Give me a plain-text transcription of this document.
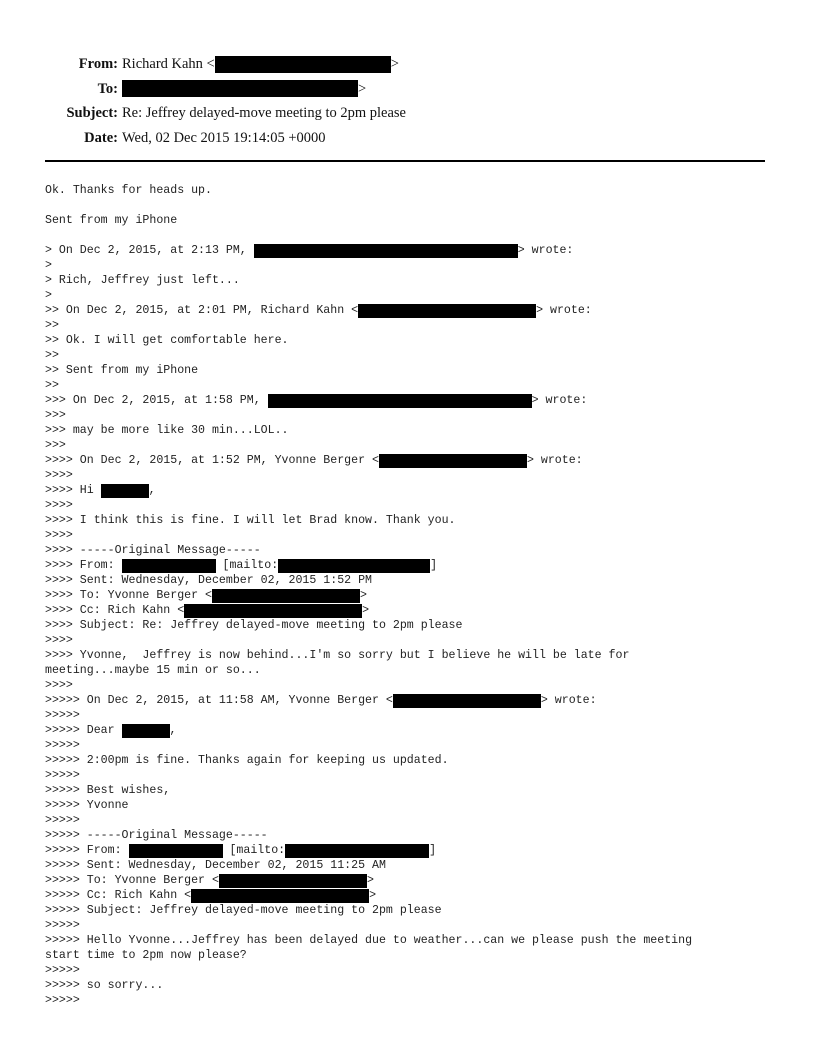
From: Richard Kahn <	>
To:	>
Subject: Re: Jeffrey delayed-move meeting to 2pm please
Date: Wed, 02 Dec 2015 19:14:05 +0000
Ok. Thanks for heads up.
Sent from my iPhone
> On Dec 2, 2015, at 2:13 PM,	> wrote:
>
> Rich, Jeffrey just left...
>
>> On Dec 2, 2015, at 2:01 PM, Richard Kahn <	> wrote:
>>
>> Ok. I will get comfortable here.
>>
>> Sent from my iPhone
>>
>>> On Dec 2, 2015, at 1:58 PM,	> wrote:
>>>
>>> may be more like 30 min...LOL..
>>>
>>>> On Dec 2, 2015, at 1:52 PM, Yvonne Berger <	> wrote:
>>>>
>>>> Hi	,
>>>>
>>>> I think this is fine. I will let Brad know. Thank you.
>>>>
>>>> -----Original Message-----
>>>> From:	[mailto:	]
>>>> Sent: Wednesday, December 02, 2015 1:52 PM
>>>> To: Yvonne Berger <	>
>>>> Cc: Rich Kahn <	>
>>>> Subject: Re: Jeffrey delayed-move meeting to 2pm please
>>>>
>>>> Yvonne,  Jeffrey is now behind...I'm so sorry but I believe he will be late for
meeting...maybe 15 min or so...
>>>>
>>>>> On Dec 2, 2015, at 11:58 AM, Yvonne Berger <	> wrote:
>>>>>
>>>>> Dear	,
>>>>>
>>>>> 2:00pm is fine. Thanks again for keeping us updated.
>>>>>
>>>>> Best wishes,
>>>>> Yvonne
>>>>>
>>>>> -----Original Message-----
>>>>> From:	[mailto:	]
>>>>> Sent: Wednesday, December 02, 2015 11:25 AM
>>>>> To: Yvonne Berger <	>
>>>>> Cc: Rich Kahn <	>
>>>>> Subject: Jeffrey delayed-move meeting to 2pm please
>>>>>
>>>>> Hello Yvonne...Jeffrey has been delayed due to weather...can we please push the meeting
start time to 2pm now please?
>>>>>
>>>>> so sorry...
>>>>>
